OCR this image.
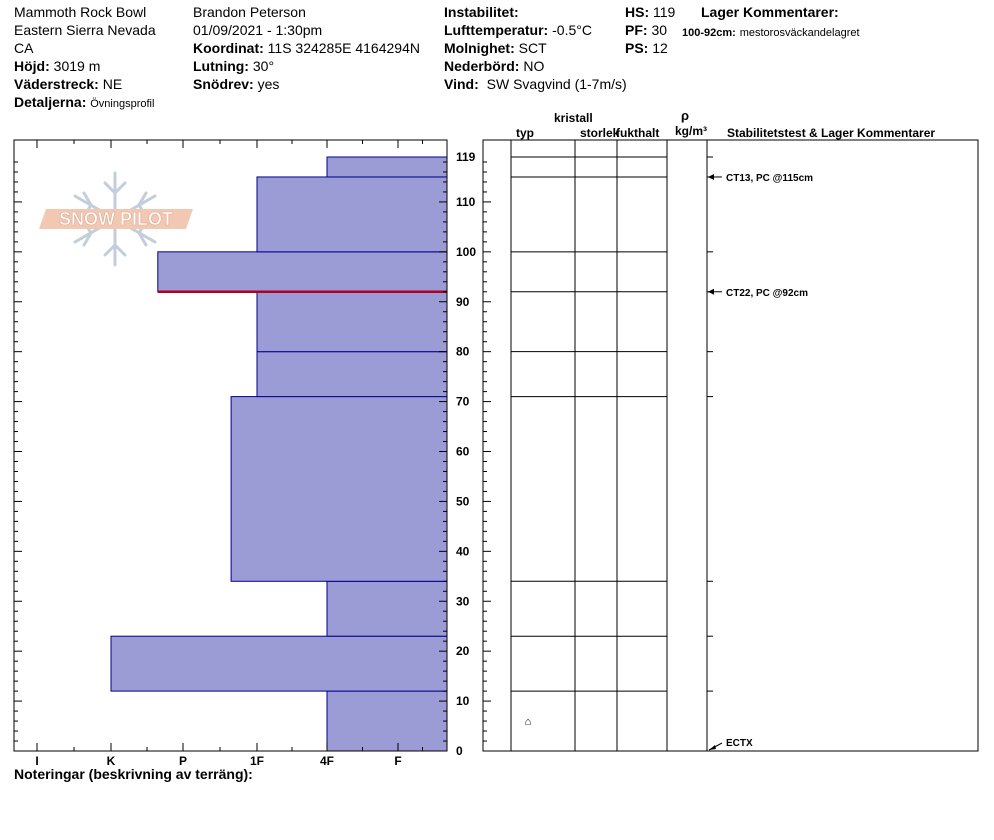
Mammoth Rock Bowl
Eastern Sierra Nevada
CA
Höjd: 3019 m
Väderstreck: NE
Detaljerna: Övningsprofil
Brandon Peterson
01/09/2021 - 1:30pm
Koordinat: 11S 324285E 4164294N
Lutning: 30°
Snödrev: yes
Instabilitet:
Lufttemperatur: -0.5°C
Molnighet: SCT
Nederbörd: NO
Vind: SW Svagvind (1-7m/s)
HS: 119
PF: 30
PS: 12
Lager Kommentarer:
100-92cm: mestorosväckandelagret
typ
kristall
storlek
fukthalt
ρ
kg/m³ Stabilitetstest & Lager Kommentarer
SNOW PILOT
0
10
20
30
40
50
60
70
80
90
100
110
119
I	K	P	1F	4F	F
⌂
CT13, PC @115cm
CT22, PC @92cm
ECTX
Noteringar (beskrivning av terräng):
